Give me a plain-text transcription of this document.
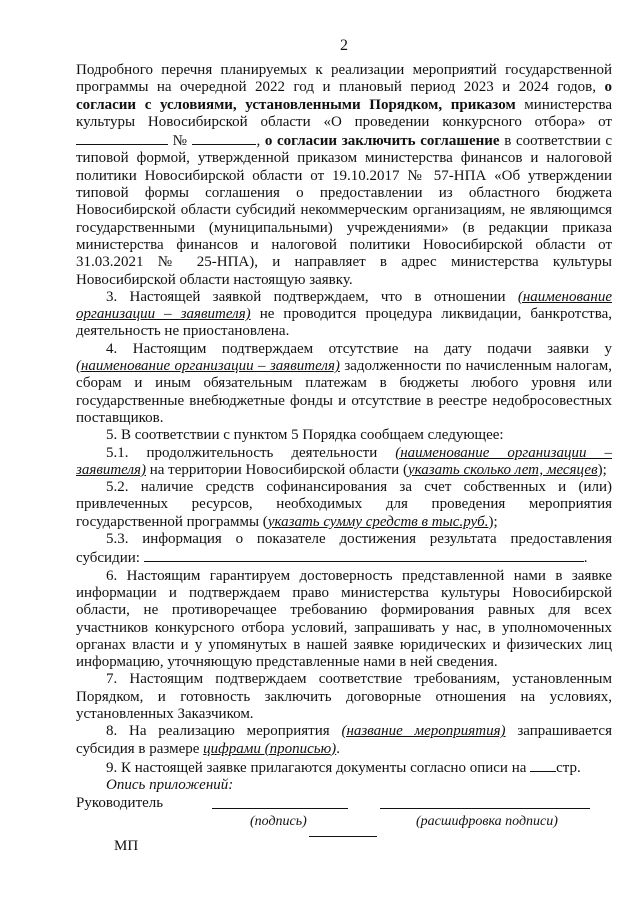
2

Подробного перечня планируемых к реализации мероприятий государственной программы на очередной 2022 год и плановый период 2023 и 2024 годов, о согласии с условиями, установленными Порядком, приказом министерства культуры Новосибирской области «О проведении конкурсного отбора» от №	, о согласии заключить соглашение в соответствии с типовой формой, утвержденной приказом министерства финансов и налоговой политики Новосибирской области от 19.10.2017 № 57-НПА «Об утверждении типовой формы соглашения о предоставлении из областного бюджета Новосибирской области субсидий некоммерческим организациям, не являющимся государственными (муниципальными) учреждениями» (в редакции приказа министерства финансов и налоговой политики Новосибирской области от 31.03.2021 № 25-НПА), и направляет в адрес министерства культуры Новосибирской области настоящую заявку.

3. Настоящей заявкой подтверждаем, что в отношении (наименование организации – заявителя) не проводится процедура ликвидации, банкротства, деятельность не приостановлена.

4. Настоящим подтверждаем отсутствие на дату подачи заявки у (наименование организации – заявителя) задолженности по начисленным налогам, сборам и иным обязательным платежам в бюджеты любого уровня или государственные внебюджетные фонды и отсутствие в реестре недобросовестных поставщиков.

5. В соответствии с пунктом 5 Порядка сообщаем следующее:

5.1. продолжительность деятельности (наименование организации – заявителя) на территории Новосибирской области (указать сколько лет, месяцев);

5.2. наличие средств софинансирования за счет собственных и (или) привлеченных ресурсов, необходимых для проведения мероприятия государственной программы (указать сумму средств в тыс.руб.);

5.3. информация о показателе достижения результата предоставления субсидии:	.

6. Настоящим гарантируем достоверность представленной нами в заявке информации и подтверждаем право министерства культуры Новосибирской области, не противоречащее требованию формирования равных для всех участников конкурсного отбора условий, запрашивать у нас, в уполномоченных органах власти и у упомянутых в нашей заявке юридических и физических лиц информацию, уточняющую представленные нами в ней сведения.

7. Настоящим подтверждаем соответствие требованиям, установленным Порядком, и готовность заключить договорные отношения на условиях, установленных Заказчиком.

8. На реализацию мероприятия (название мероприятия) запрашивается субсидия в размере цифрами (прописью).

9. К настоящей заявке прилагаются документы согласно описи на стр.

Опись приложений:

Руководитель
(подпись)	(расшифровка подписи)
МП
